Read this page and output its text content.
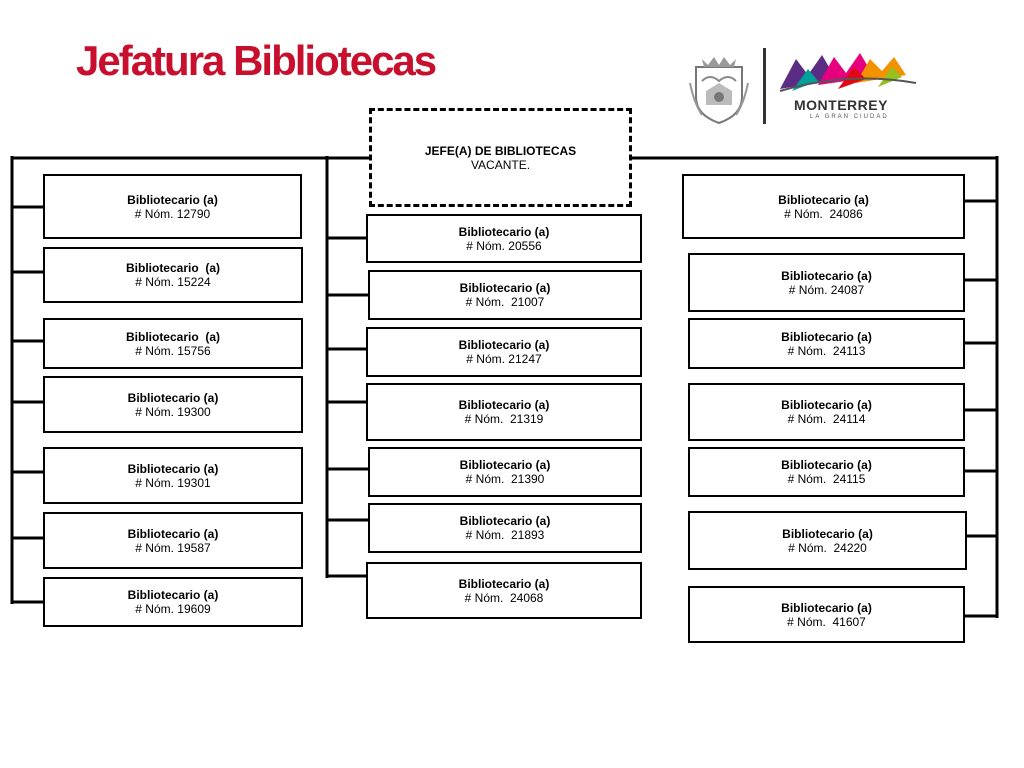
Jefatura Bibliotecas
MONTERREY
LA GRAN CIUDAD
JEFE(A) DE BIBLIOTECAS
VACANTE.
Bibliotecario (a)
# Nóm. 12790
Bibliotecario  (a)
# Nóm. 15224
Bibliotecario  (a)
# Nóm. 15756
Bibliotecario (a)
# Nóm. 19300
Bibliotecario (a)
# Nóm. 19301
Bibliotecario (a)
# Nóm. 19587
Bibliotecario (a)
# Nóm. 19609
Bibliotecario (a)
# Nóm. 20556
Bibliotecario (a)
# Nóm.  21007
Bibliotecario (a)
# Nóm. 21247
Bibliotecario (a)
# Nóm.  21319
Bibliotecario (a)
# Nóm.  21390
Bibliotecario (a)
# Nóm.  21893
Bibliotecario (a)
# Nóm.  24068
Bibliotecario (a)
# Nóm.  24086
Bibliotecario (a)
# Nóm. 24087
Bibliotecario (a)
# Nóm.  24113
Bibliotecario (a)
# Nóm.  24114
Bibliotecario (a)
# Nóm.  24115
Bibliotecario (a)
# Nóm.  24220
Bibliotecario (a)
# Nóm.  41607
